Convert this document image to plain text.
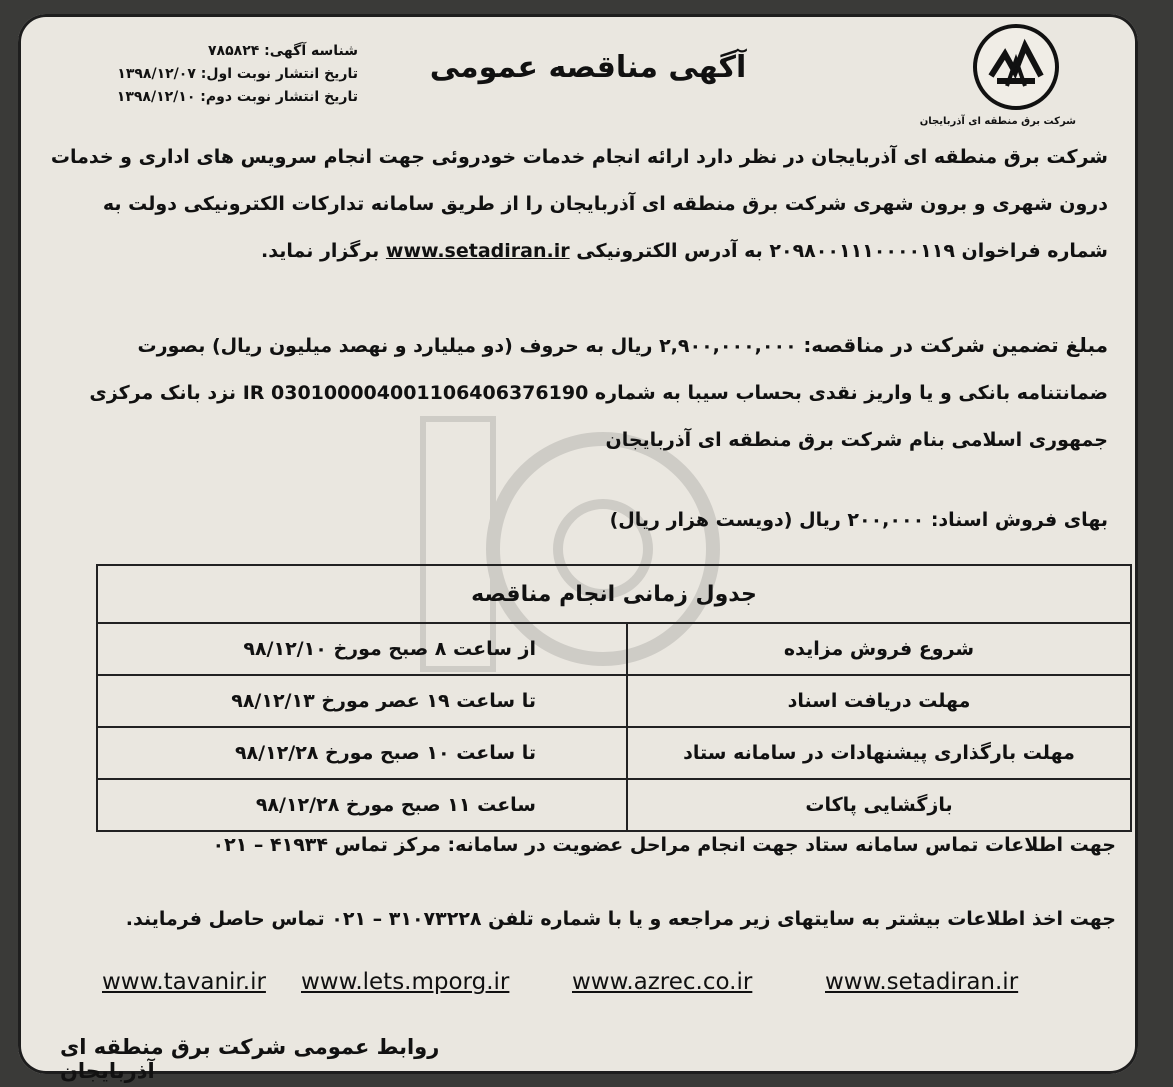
شرکت برق منطقه ای آذربایجان
آگهی مناقصه عمومی
شناسه آگهی: ۷۸۵۸۲۴
تاریخ انتشار نوبت اول: ۱۳۹۸/۱۲/۰۷
تاریخ انتشار نوبت دوم: ۱۳۹۸/۱۲/۱۰
شرکت برق منطقه ای آذربایجان در نظر دارد ارائه انجام خدمات خودروئی جهت انجام سرویس های اداری و خدمات درون شهری و برون شهری شرکت برق منطقه ای آذربایجان را از طریق سامانه تدارکات الکترونیکی دولت به شماره فراخوان ۲۰۹۸۰۰۱۱۱۰۰۰۰۱۱۹ به آدرس الکترونیکی www.setadiran.ir برگزار نماید.
مبلغ تضمین شرکت در مناقصه: ۲,۹۰۰,۰۰۰,۰۰۰ ریال به حروف (دو میلیارد و نهصد میلیون ریال) بصورت ضمانتنامه بانکی و یا واریز نقدی بحساب سیبا به شماره IR 030100004001106406376190 نزد بانک مرکزی جمهوری اسلامی بنام شرکت برق منطقه ای آذربایجان
بهای فروش اسناد: ۲۰۰,۰۰۰ ریال (دویست هزار ریال)
جدول زمانی انجام مناقصه	
شروع فروش مزایده	از ساعت ۸ صبح مورخ ۹۸/۱۲/۱۰
مهلت دریافت اسناد	تا ساعت ۱۹ عصر مورخ ۹۸/۱۲/۱۳
مهلت بارگذاری پیشنهادات در سامانه ستاد	تا ساعت ۱۰ صبح مورخ ۹۸/۱۲/۲۸
بازگشایی پاکات	ساعت ۱۱ صبح مورخ ۹۸/۱۲/۲۸
جهت اطلاعات تماس سامانه ستاد جهت انجام مراحل عضویت در سامانه: مرکز تماس ۴۱۹۳۴ – ۰۲۱
جهت اخذ اطلاعات بیشتر به سایتهای زیر مراجعه و یا با شماره تلفن ۳۱۰۷۳۲۲۸ – ۰۲۱ تماس حاصل فرمایند.
www.setadiran.ir
www.azrec.co.ir
www.lets.mporg.ir
www.tavanir.ir
روابط عمومی شرکت برق منطقه ای آذربایجان
